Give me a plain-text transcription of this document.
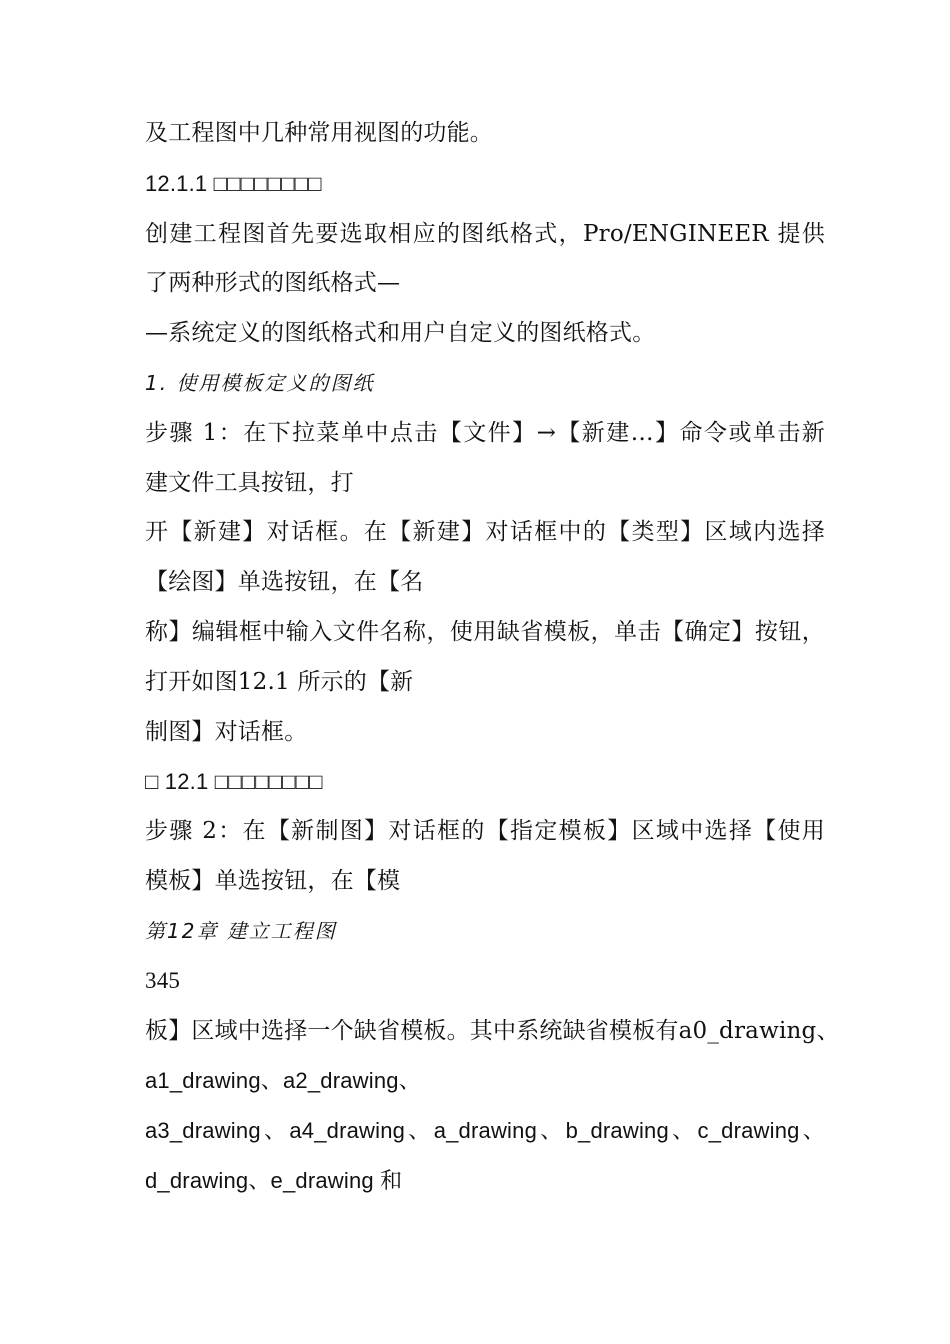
及工程图中几种常用视图的功能。
12.1.1 □□□□□□□□
创建工程图首先要选取相应的图纸格式，Pro/ENGINEER 提供
了两种形式的图纸格式—
—系统定义的图纸格式和用户自定义的图纸格式。
1. 使用模板定义的图纸
步骤 1：在下拉菜单中点击【文件】→【新建…】命令或单击新
建文件工具按钮，打
开【新建】对话框。在【新建】对话框中的【类型】区域内选择
【绘图】单选按钮，在【名
称】编辑框中输入文件名称，使用缺省模板，单击【确定】按钮，
打开如图12.1 所示的【新
制图】对话框。
□ 12.1 □□□□□□□□
步骤 2：在【新制图】对话框的【指定模板】区域中选择【使用
模板】单选按钮，在【模
第12章 建立工程图
345
板】区域中选择一个缺省模板。其中系统缺省模板有a0_drawing、
a1_drawing、a2_drawing、
a3_drawing、a4_drawing、a_drawing、b_drawing、c_drawing、
d_drawing、e_drawing 和
